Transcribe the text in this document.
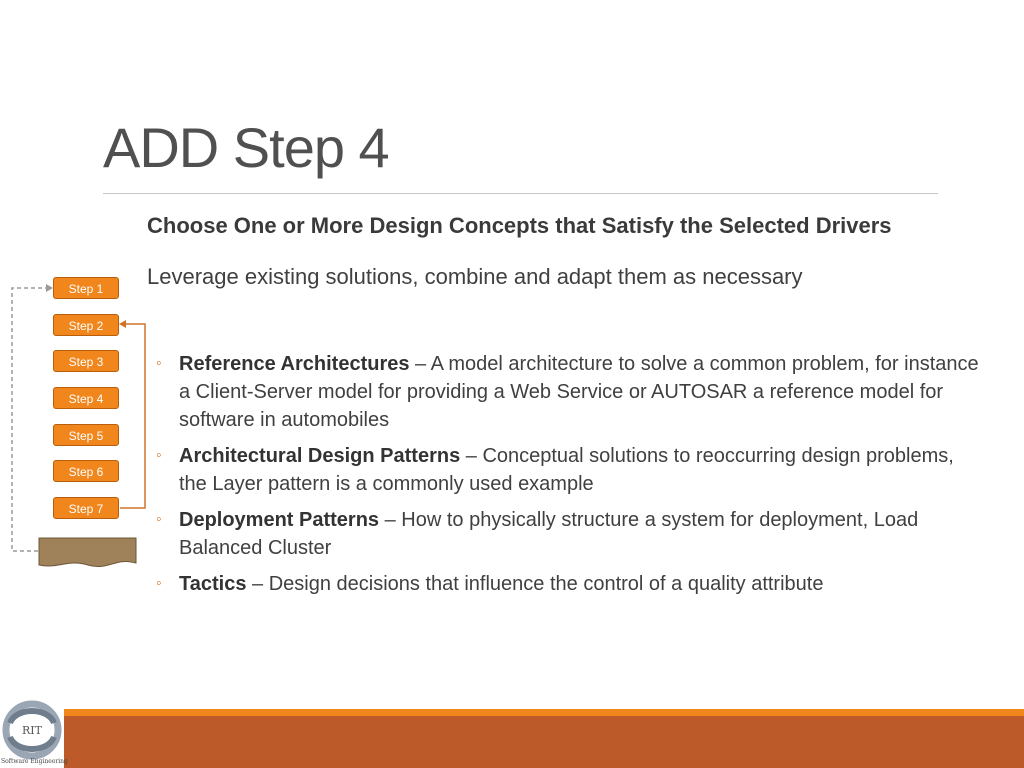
ADD Step 4
Choose One or More Design Concepts that Satisfy the Selected Drivers
Leverage existing solutions, combine and adapt them as necessary
Step 1
Step 2
Step 3
Step 4
Step 5
Step 6
Step 7
◦ Reference Architectures – A model architecture to solve a common problem, for instance a Client-Server model for providing a Web Service or AUTOSAR a reference model for software in automobiles
◦ Architectural Design Patterns – Conceptual solutions to reoccurring design problems, the Layer pattern is a commonly used example
◦ Deployment Patterns – How to physically structure a system for deployment, Load Balanced Cluster
◦ Tactics – Design decisions that influence the control of a quality attribute
RIT
Software Engineering
